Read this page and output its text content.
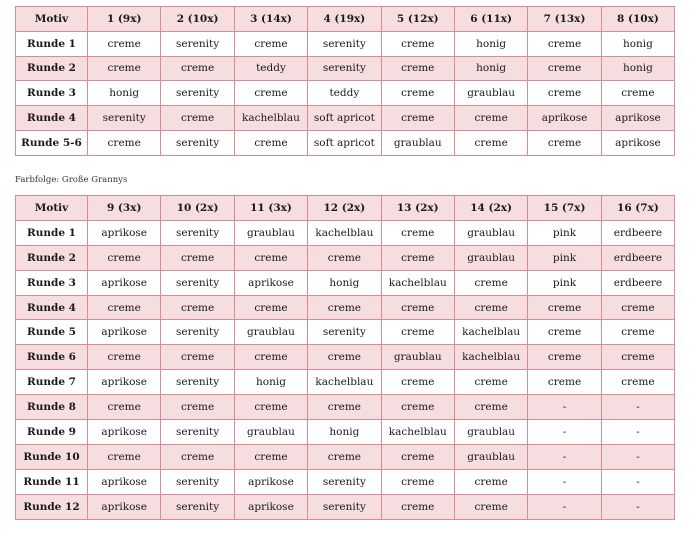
Motiv	1 (9x)	2 (10x)	3 (14x)	4 (19x)	5 (12x)	6 (11x)	7 (13x)	8 (10x)
Runde 1	creme	serenity	creme	serenity	creme	honig	creme	honig
Runde 2	creme	creme	teddy	serenity	creme	honig	creme	honig
Runde 3	honig	serenity	creme	teddy	creme	graublau	creme	creme
Runde 4	serenity	creme	kachelblau	soft apricot	creme	creme	aprikose	aprikose
Runde 5-6	creme	serenity	creme	soft apricot	graublau	creme	creme	aprikose
Farbfolge: Große Grannys
Motiv	9 (3x)	10 (2x)	11 (3x)	12 (2x)	13 (2x)	14 (2x)	15 (7x)	16 (7x)
Runde 1	aprikose	serenity	graublau	kachelblau	creme	graublau	pink	erdbeere
Runde 2	creme	creme	creme	creme	creme	graublau	pink	erdbeere
Runde 3	aprikose	serenity	aprikose	honig	kachelblau	creme	pink	erdbeere
Runde 4	creme	creme	creme	creme	creme	creme	creme	creme
Runde 5	aprikose	serenity	graublau	serenity	creme	kachelblau	creme	creme
Runde 6	creme	creme	creme	creme	graublau	kachelblau	creme	creme
Runde 7	aprikose	serenity	honig	kachelblau	creme	creme	creme	creme
Runde 8	creme	creme	creme	creme	creme	creme	-	-
Runde 9	aprikose	serenity	graublau	honig	kachelblau	graublau	-	-
Runde 10	creme	creme	creme	creme	creme	graublau	-	-
Runde 11	aprikose	serenity	aprikose	serenity	creme	creme	-	-
Runde 12	aprikose	serenity	aprikose	serenity	creme	creme	-	-
